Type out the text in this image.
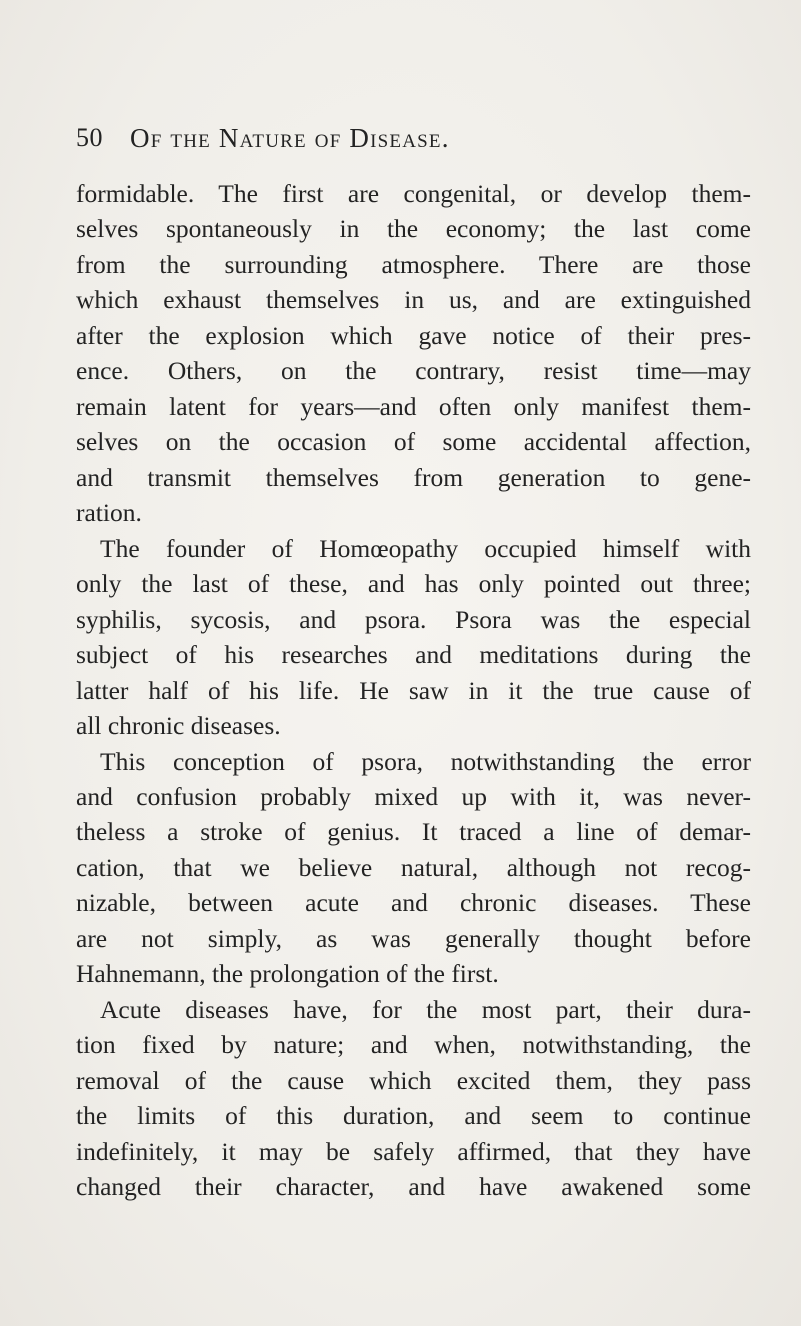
50 Of the Nature of Disease.
formidable. The first are congenital, or develop them-
selves spontaneously in the economy; the last come
from the surrounding atmosphere. There are those
which exhaust themselves in us, and are extinguished
after the explosion which gave notice of their pres-
ence. Others, on the contrary, resist time—may
remain latent for years—and often only manifest them-
selves on the occasion of some accidental affection,
and transmit themselves from generation to gene-
ration.
The founder of Homœopathy occupied himself with
only the last of these, and has only pointed out three;
syphilis, sycosis, and psora. Psora was the especial
subject of his researches and meditations during the
latter half of his life. He saw in it the true cause of
all chronic diseases.
This conception of psora, notwithstanding the error
and confusion probably mixed up with it, was never-
theless a stroke of genius. It traced a line of demar-
cation, that we believe natural, although not recog-
nizable, between acute and chronic diseases. These
are not simply, as was generally thought before
Hahnemann, the prolongation of the first.
Acute diseases have, for the most part, their dura-
tion fixed by nature; and when, notwithstanding, the
removal of the cause which excited them, they pass
the limits of this duration, and seem to continue
indefinitely, it may be safely affirmed, that they have
changed their character, and have awakened some
